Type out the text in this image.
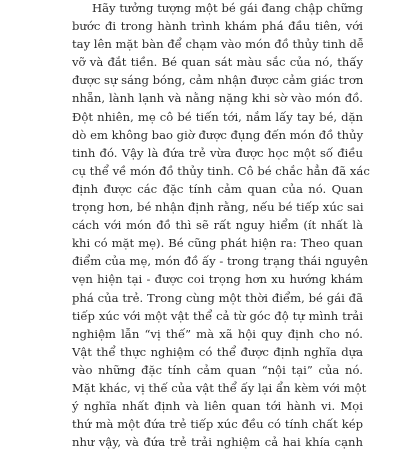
Hãy tưởng tượng một bé gái đang chập chững
bước đi trong hành trình khám phá đầu tiên, với
tay lên mặt bàn để chạm vào món đồ thủy tinh dễ
vỡ và đắt tiền. Bé quan sát màu sắc của nó, thấy
được sự sáng bóng, cảm nhận được cảm giác trơn
nhẵn, lành lạnh và nằng nặng khi sờ vào món đồ.
Đột nhiên, mẹ cô bé tiến tới, nắm lấy tay bé, dặn
dò em không bao giờ được đụng đến món đồ thủy
tinh đó. Vậy là đứa trẻ vừa được học một số điều
cụ thể về món đồ thủy tinh. Cô bé chắc hẳn đã xác
định được các đặc tính cảm quan của nó. Quan
trọng hơn, bé nhận định rằng, nếu bé tiếp xúc sai
cách với món đồ thì sẽ rất nguy hiểm (ít nhất là
khi có mặt mẹ). Bé cũng phát hiện ra: Theo quan
điểm của mẹ, món đồ ấy - trong trạng thái nguyên
vẹn hiện tại - được coi trọng hơn xu hướng khám
phá của trẻ. Trong cùng một thời điểm, bé gái đã
tiếp xúc với một vật thể cả từ góc độ tự mình trải
nghiệm lẫn “vị thế” mà xã hội quy định cho nó.
Vật thể thực nghiệm có thể được định nghĩa dựa
vào những đặc tính cảm quan “nội tại” của nó.
Mặt khác, vị thế của vật thể ấy lại ẩn kèm với một
ý nghĩa nhất định và liên quan tới hành vi. Mọi
thứ mà một đứa trẻ tiếp xúc đều có tính chất kép
như vậy, và đứa trẻ trải nghiệm cả hai khía cạnh
